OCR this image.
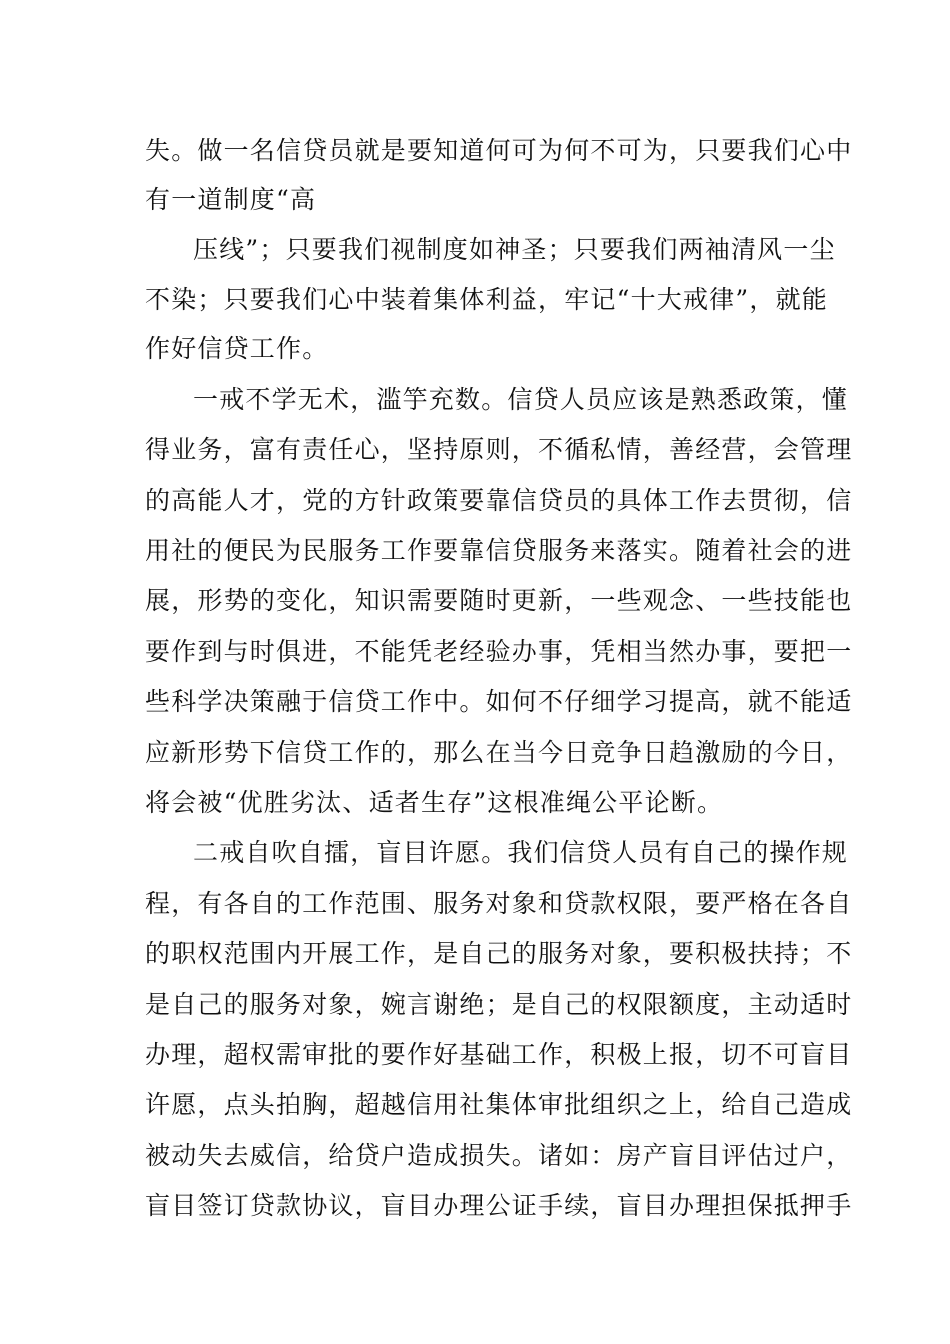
失。做一名信贷员就是要知道何可为何不可为，只要我们心中
有一道制度“高
压线”；只要我们视制度如神圣；只要我们两袖清风一尘
不染；只要我们心中装着集体利益，牢记“十大戒律”，就能
作好信贷工作。
一戒不学无术，滥竽充数。信贷人员应该是熟悉政策，懂
得业务，富有责任心，坚持原则，不循私情，善经营，会管理
的高能人才，党的方针政策要靠信贷员的具体工作去贯彻，信
用社的便民为民服务工作要靠信贷服务来落实。随着社会的进
展，形势的变化，知识需要随时更新，一些观念、一些技能也
要作到与时俱进，不能凭老经验办事，凭相当然办事，要把一
些科学决策融于信贷工作中。如何不仔细学习提高，就不能适
应新形势下信贷工作的，那么在当今日竞争日趋激励的今日，
将会被“优胜劣汰、适者生存”这根准绳公平论断。
二戒自吹自擂，盲目许愿。我们信贷人员有自己的操作规
程，有各自的工作范围、服务对象和贷款权限，要严格在各自
的职权范围内开展工作，是自己的服务对象，要积极扶持；不
是自己的服务对象，婉言谢绝；是自己的权限额度，主动适时
办理，超权需审批的要作好基础工作，积极上报，切不可盲目
许愿，点头拍胸，超越信用社集体审批组织之上，给自己造成
被动失去威信，给贷户造成损失。诸如：房产盲目评估过户，
盲目签订贷款协议，盲目办理公证手续，盲目办理担保抵押手
